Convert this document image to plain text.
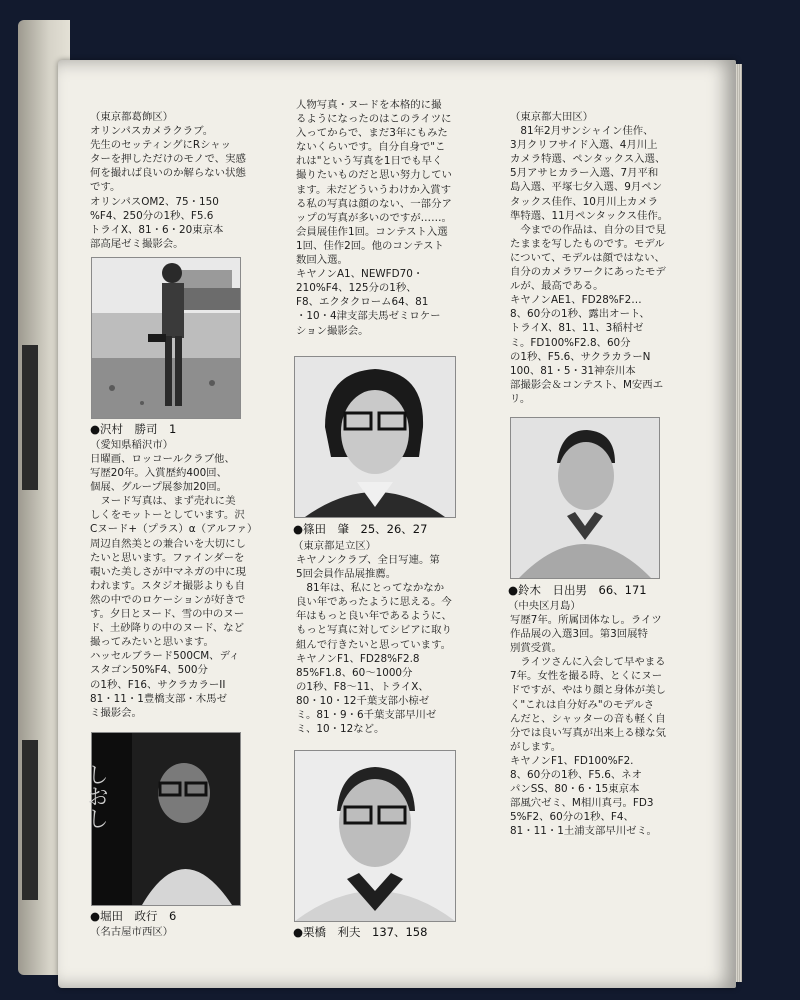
（東京都葛飾区）
オリンパスカメラクラブ。
先生のセッティングにRシャッ
ターを押しただけのモノで、実感
何を撮れば良いのか解らない状態
です。
オリンパスOM2、75・150
%F4、250分の1秒、F5.6
トライX、81・6・20東京本
部高尾ゼミ撮影会。
●沢村　勝司　1
（愛知県稲沢市）
日曜画、ロッコールクラブ他、
写歴20年。入賞歴約400回、
個展、グループ展参加20回。
　ヌード写真は、まず売れに美
しくをモットーとしています。沢
Cヌード+（プラス）α（アルファ）
周辺自然美との兼合いを大切にし
たいと思います。ファインダーを
覗いた美しさが中マネガの中に現
われます。スタジオ撮影よりも自
然の中でのロケーションが好きで
す。夕日とヌード、雪の中のヌー
ド、土砂降りの中のヌード、など
撮ってみたいと思います。
ハッセルブラード500CM、ディ
スタゴン50%F4、500分
の1秒、F16、サクラカラーII
81・11・1豊橋支部・木馬ゼ
ミ撮影会。
しおし
●堀田　政行　6
（名古屋市西区）
人物写真・ヌードを本格的に撮
るようになったのはこのライツに
入ってからで、まだ3年にもみた
ないくらいです。自分自身で"こ
れは"という写真を1日でも早く
撮りたいものだと思い努力してい
ます。未だどういうわけか入賞す
る私の写真は顔のない、一部分ア
ップの写真が多いのですが……。
会員展佳作1回。コンテスト入選
1回、佳作2回。他のコンテスト
数回入選。
キヤノンA1、NEWFD70・
210%F4、125分の1秒、
F8、エクタクローム64、81
・10・4津支部夫馬ゼミロケー
ション撮影会。
●篠田　肇　25、26、27
（東京都足立区）
キヤノンクラブ、全日写連。第
5回会員作品展推薦。
　81年は、私にとってなかなか
良い年であったように思える。今
年はもっと良い年であるように、
もっと写真に対してシビアに取り
組んで行きたいと思っています。
キヤノンF1、FD28%F2.8
85%F1.8、60〜1000分
の1秒、F8〜11、トライX、
80・10・12千葉支部小椋ゼ
ミ。81・9・6千葉支部早川ゼ
ミ、10・12など。
●栗橋　利夫　137、158
（東京都大田区）
　81年2月サンシャイン佳作、
3月クリフサイド入選、4月川上
カメラ特選、ペンタックス入選、
5月アサヒカラー入選、7月平和
島入選、平塚七夕入選、9月ペン
タックス佳作、10月川上カメラ
準特選、11月ペンタックス佳作。
　今までの作品は、自分の目で見
たままを写したものです。モデル
について、モデルは顔ではない、
自分のカメラワークにあったモデ
ルが、最高である。
キヤノンAE1、FD28%F2…
8、60分の1秒、露出オート、
トライX、81、11、3稲村ゼ
ミ。FD100%F2.8、60分
の1秒、F5.6、サクラカラーN
100、81・5・31神奈川本
部撮影会＆コンテスト、M安西エ
リ。
●鈴木　日出男　66、171
（中央区月島）
写歴7年。所属団体なし。ライツ
作品展の入選3回。第3回展特
別賞受賞。
　ライツさんに入会して早やまる
7年。女性を撮る時、とくにヌー
ドですが、やはり顔と身体が美し
く"これは自分好み"のモデルさ
んだと、シャッターの音も軽く自
分では良い写真が出来上る様な気
がします。
キヤノンF1、FD100%F2.
8、60分の1秒、F5.6、ネオ
パンSS、80・6・15東京本
部風穴ゼミ、M相川真弓。FD3
5%F2、60分の1秒、F4、
81・11・1土浦支部早川ゼミ。
